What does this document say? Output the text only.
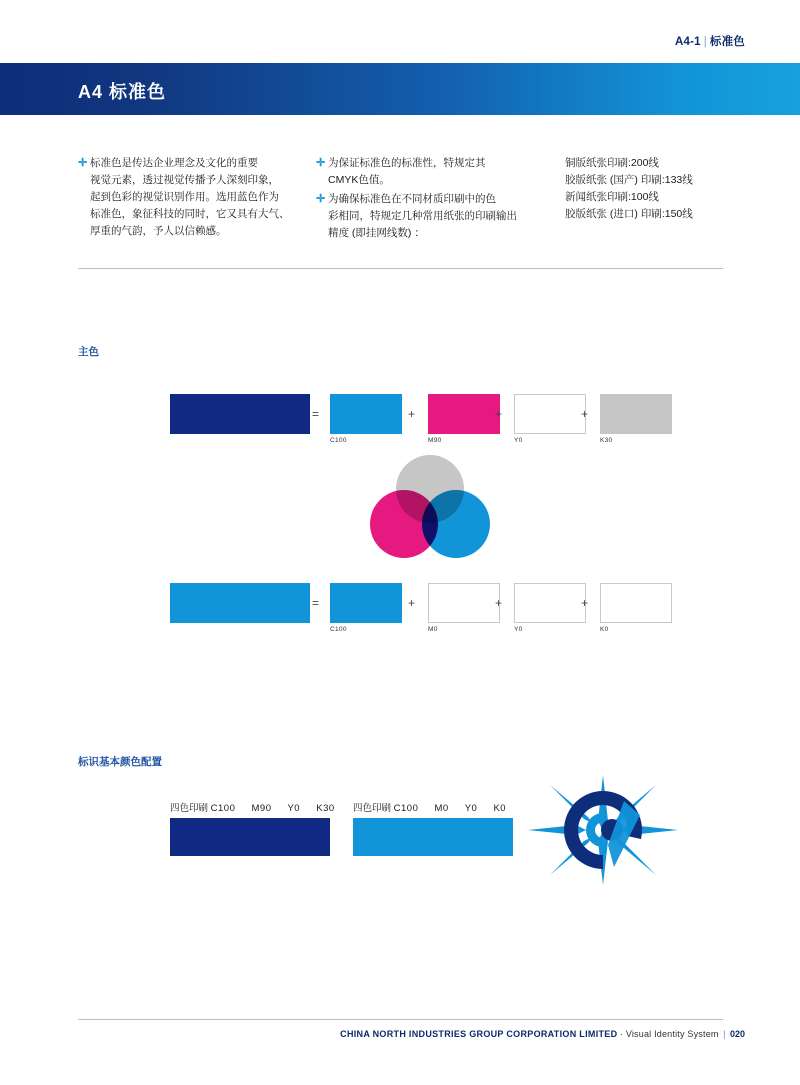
A4-1 | 标准色
A4 标准色
✛ 标准色是传达企业理念及文化的重要
视觉元素，透过视觉传播予人深刻印象，
起到色彩的视觉识别作用。选用蓝色作为
标准色，象征科技的同时，它又具有大气、
厚重的气韵，予人以信赖感。
✛ 为保证标准色的标准性，特规定其
CMYK色值。
✛ 为确保标准色在不同材质印刷中的色
彩相同，特规定几种常用纸张的印刷输出
精度 (即挂网线数) ：
铜版纸张印刷:200线
胶版纸张 (国产) 印刷:133线
新闻纸张印刷:100线
胶版纸张 (进口) 印刷:150线
主色
=
C100
+
M90
+
Y0
+
K30
=
C100
+
M0
+
Y0
+
K0
标识基本颜色配置
四色印刷 C100 M90 Y0 K30	四色印刷 C100 M0 Y0 K0
CHINA NORTH INDUSTRIES GROUP CORPORATION LIMITED · Visual Identity System | 020
